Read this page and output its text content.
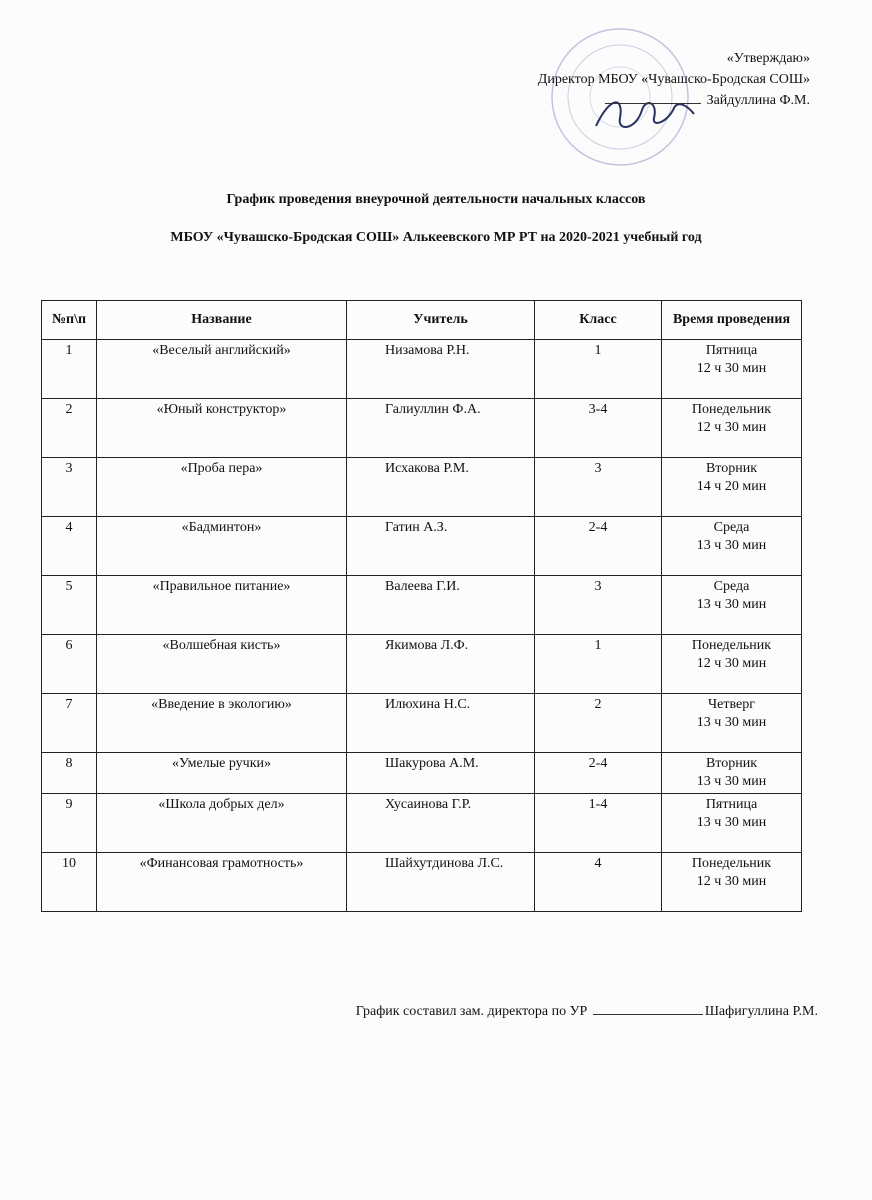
«Утверждаю»
Директор МБОУ «Чувашско-Бродская СОШ»
Зайдуллина Ф.М.
График проведения внеурочной деятельности начальных классов
МБОУ «Чувашско-Бродская СОШ» Алькеевского МР РТ на 2020-2021 учебный год
№п\п	Название	Учитель	Класс	Время проведения
1	«Веселый английский»	Низамова Р.Н.	1	Пятница
12 ч 30 мин

2	«Юный конструктор»	Галиуллин Ф.А.	3-4	Понедельник
12 ч 30 мин

3	«Проба пера»	Исхакова Р.М.	3	Вторник
14 ч 20 мин

4	«Бадминтон»	Гатин А.З.	2-4	Среда
13 ч 30 мин

5	«Правильное питание»	Валеева Г.И.	3	Среда
13 ч 30 мин

6	«Волшебная кисть»	Якимова Л.Ф.	1	Понедельник
12 ч 30 мин

7	«Введение в экологию»	Илюхина Н.С.	2	Четверг
13 ч 30 мин

8	«Умелые ручки»	Шакурова А.М.	2-4	Вторник
13 ч 30 мин

9	«Школа добрых дел»	Хусаинова Г.Р.	1-4	Пятница
13 ч 30 мин

10	«Финансовая грамотность»	Шайхутдинова Л.С.	4	Понедельник
12 ч 30 мин
График составил зам. директора по УР	Шафигуллина Р.М.
